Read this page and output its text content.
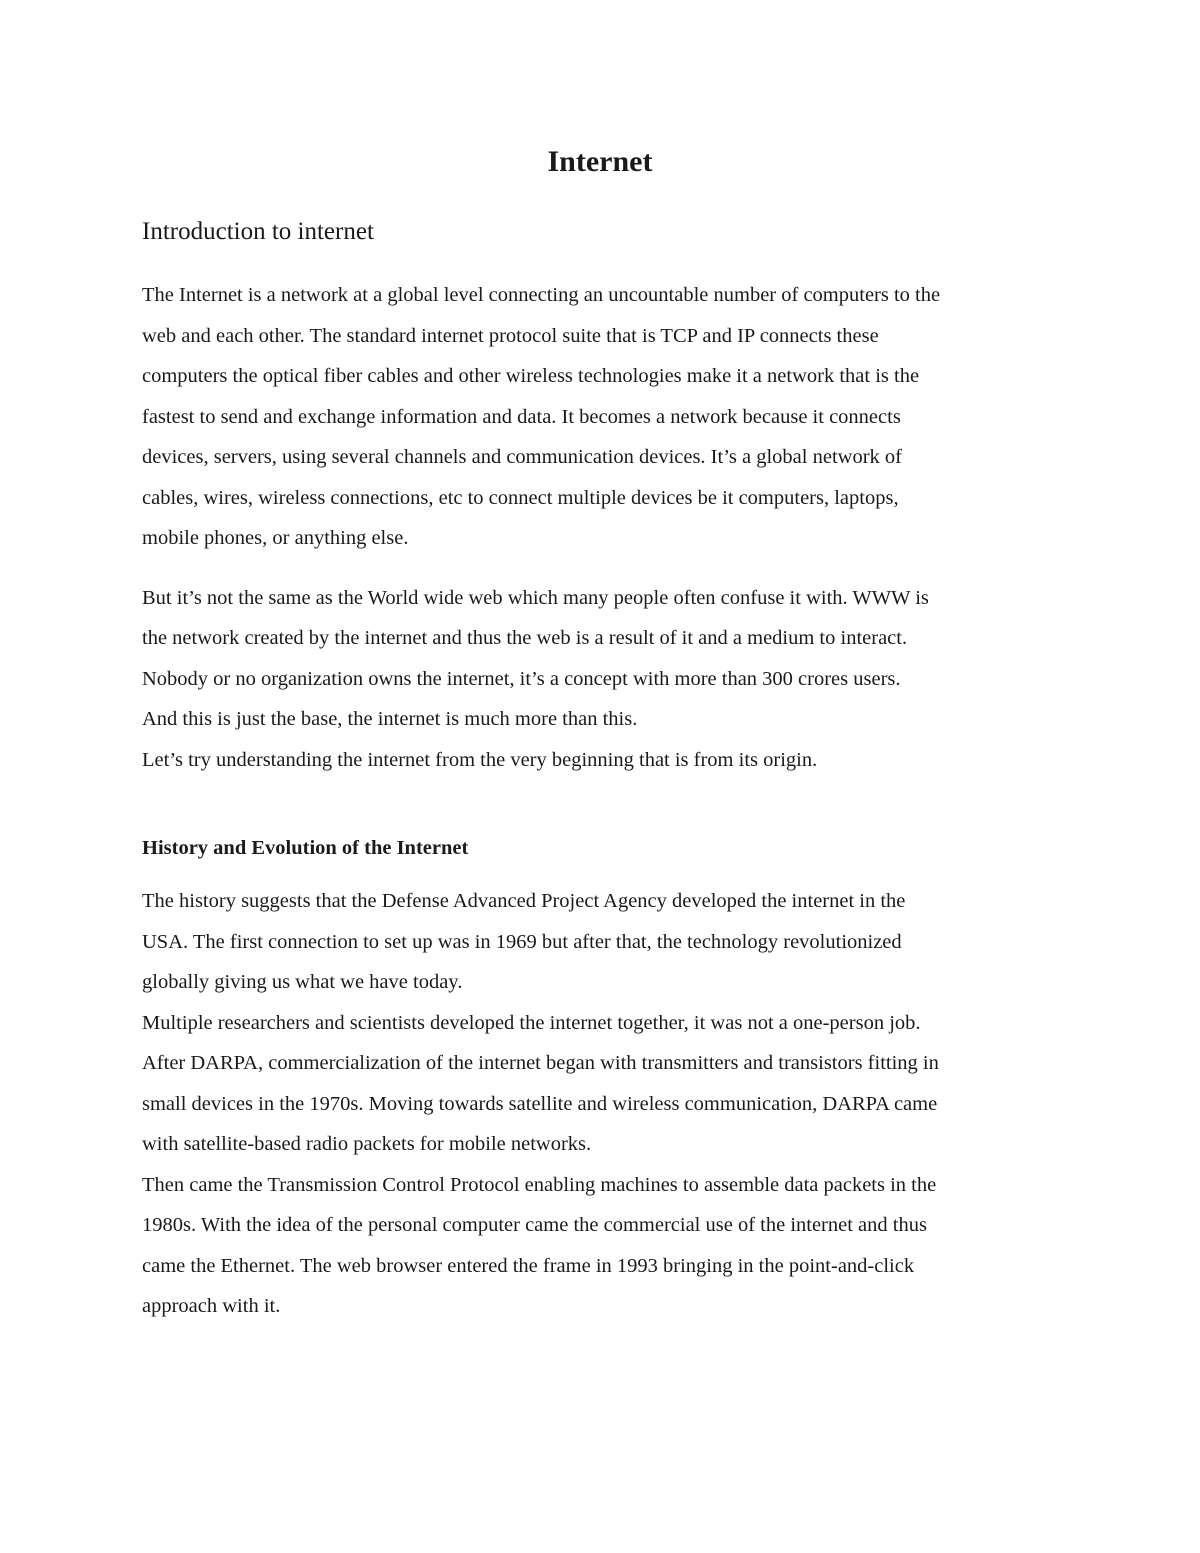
Internet
Introduction to internet

The Internet is a network at a global level connecting an uncountable number of computers to the
web and each other. The standard internet protocol suite that is TCP and IP connects these
computers the optical fiber cables and other wireless technologies make it a network that is the
fastest to send and exchange information and data. It becomes a network because it connects
devices, servers, using several channels and communication devices. It’s a global network of
cables, wires, wireless connections, etc to connect multiple devices be it computers, laptops,
mobile phones, or anything else.

But it’s not the same as the World wide web which many people often confuse it with. WWW is
the network created by the internet and thus the web is a result of it and a medium to interact.
Nobody or no organization owns the internet, it’s a concept with more than 300 crores users.
And this is just the base, the internet is much more than this.
Let’s try understanding the internet from the very beginning that is from its origin.

History and Evolution of the Internet

The history suggests that the Defense Advanced Project Agency developed the internet in the
USA. The first connection to set up was in 1969 but after that, the technology revolutionized
globally giving us what we have today.
Multiple researchers and scientists developed the internet together, it was not a one-person job.
After DARPA, commercialization of the internet began with transmitters and transistors fitting in
small devices in the 1970s. Moving towards satellite and wireless communication, DARPA came
with satellite-based radio packets for mobile networks.
Then came the Transmission Control Protocol enabling machines to assemble data packets in the
1980s. With the idea of the personal computer came the commercial use of the internet and thus
came the Ethernet. The web browser entered the frame in 1993 bringing in the point-and-click
approach with it.
